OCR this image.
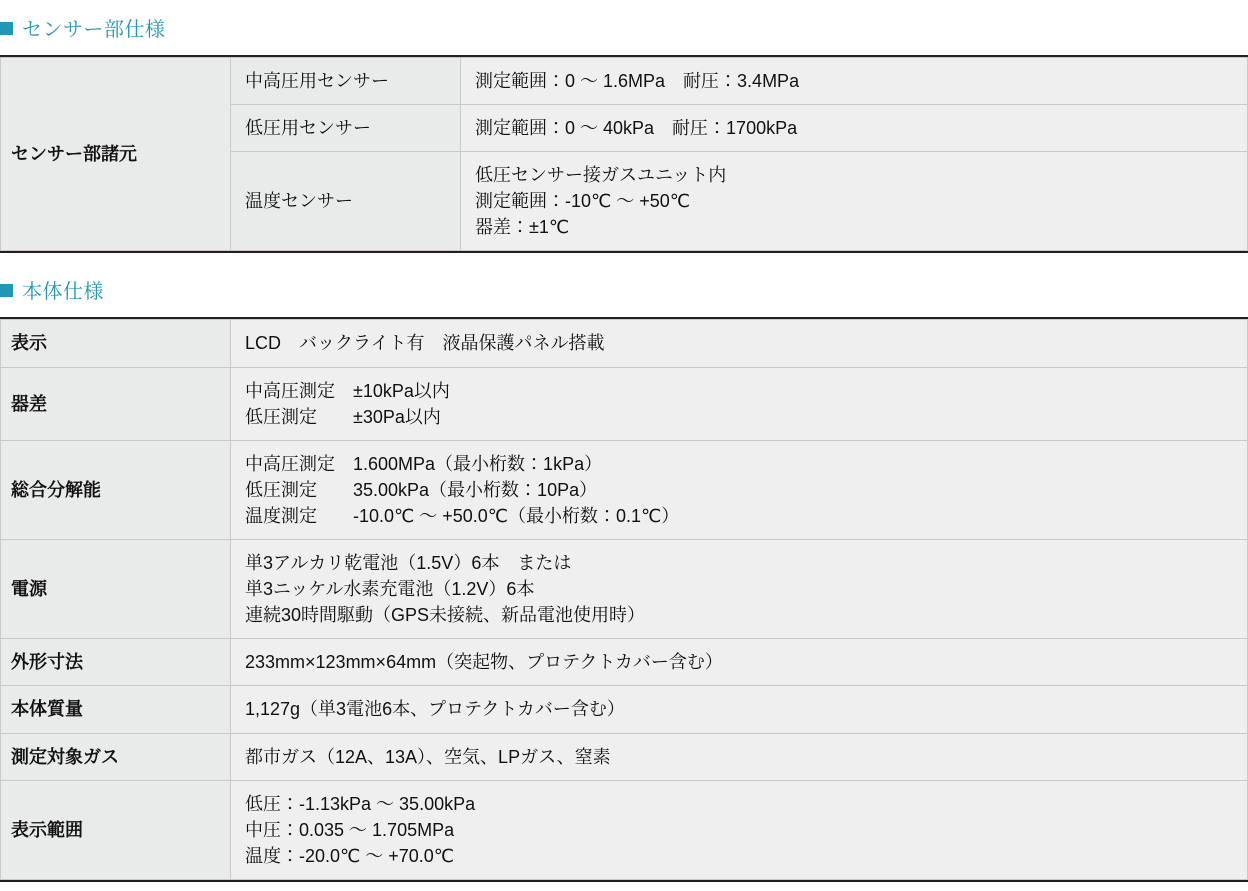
センサー部仕様
センサー部諸元	中高圧用センサー	測定範囲：0 〜 1.6MPa　耐圧：3.4MPa

	低圧用センサー	測定範囲：0 〜 40kPa　耐圧：1700kPa

	温度センサー	低圧センサー接ガスユニット内
測定範囲：-10℃ 〜 +50℃
器差：±1℃
本体仕様
表示	LCD　バックライト有　液晶保護パネル搭載

器差	中高圧測定　±10kPa以内
低圧測定　　±30Pa以内

総合分解能	中高圧測定　1.600MPa（最小桁数：1kPa）
低圧測定　　35.00kPa（最小桁数：10Pa）
温度測定　　-10.0℃ 〜 +50.0℃（最小桁数：0.1℃）

電源	単3アルカリ乾電池（1.5V）6本　または
単3ニッケル水素充電池（1.2V）6本
連続30時間駆動（GPS未接続、新品電池使用時）

外形寸法	233mm×123mm×64mm（突起物、プロテクトカバー含む）

本体質量	1,127g（単3電池6本、プロテクトカバー含む）

測定対象ガス	都市ガス（12A、13A）、空気、LPガス、窒素

表示範囲	低圧：-1.13kPa 〜 35.00kPa
中圧：0.035 〜 1.705MPa
温度：-20.0℃ 〜 +70.0℃
